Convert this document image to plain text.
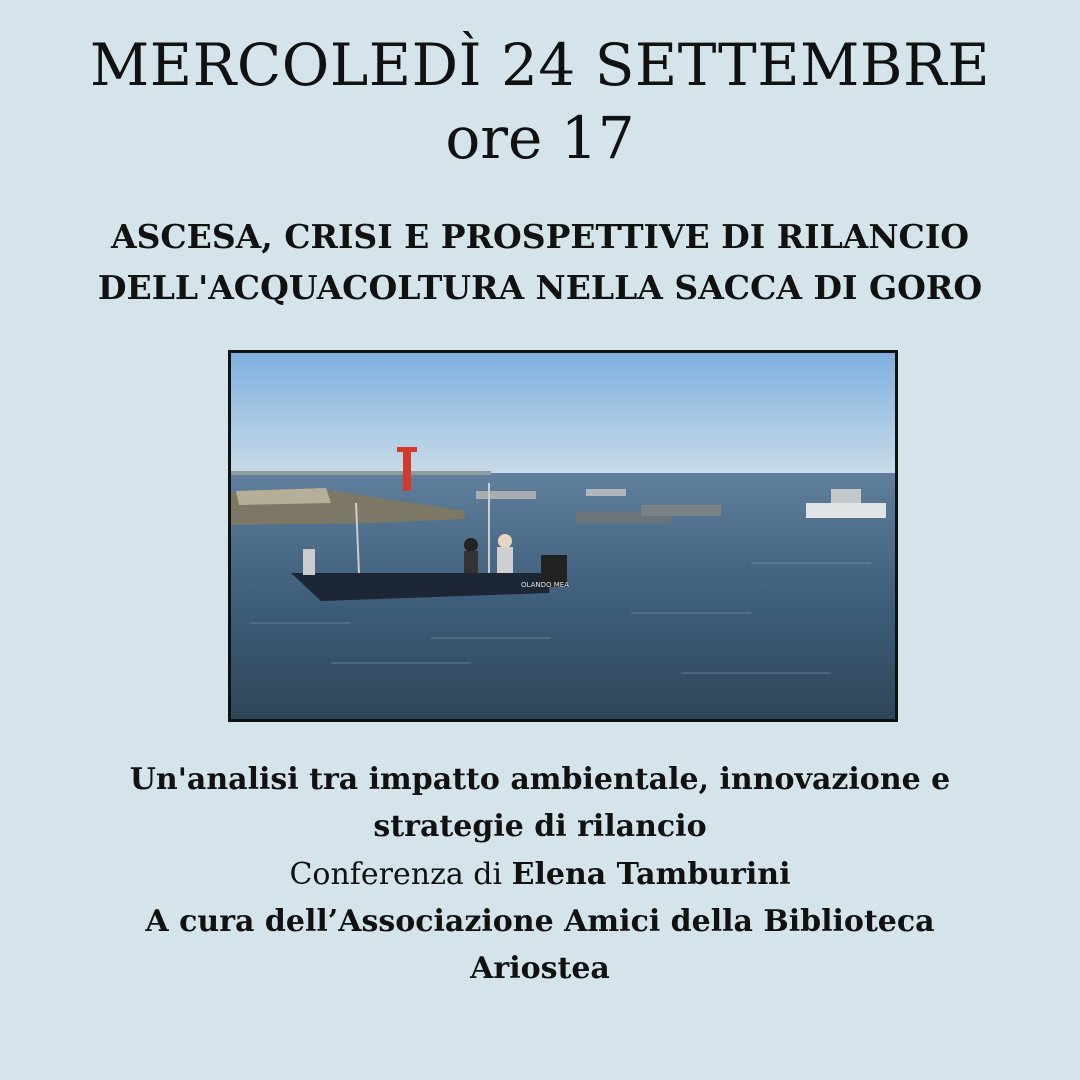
MERCOLEDÌ 24 SETTEMBRE
ore 17
ASCESA, CRISI E PROSPETTIVE DI RILANCIO
DELL'ACQUACOLTURA NELLA SACCA DI GORO
OLANDO MEA
Un'analisi tra impatto ambientale, innovazione e
strategie di rilancio
Conferenza di Elena Tamburini
A cura dell’Associazione Amici della Biblioteca
Ariostea
